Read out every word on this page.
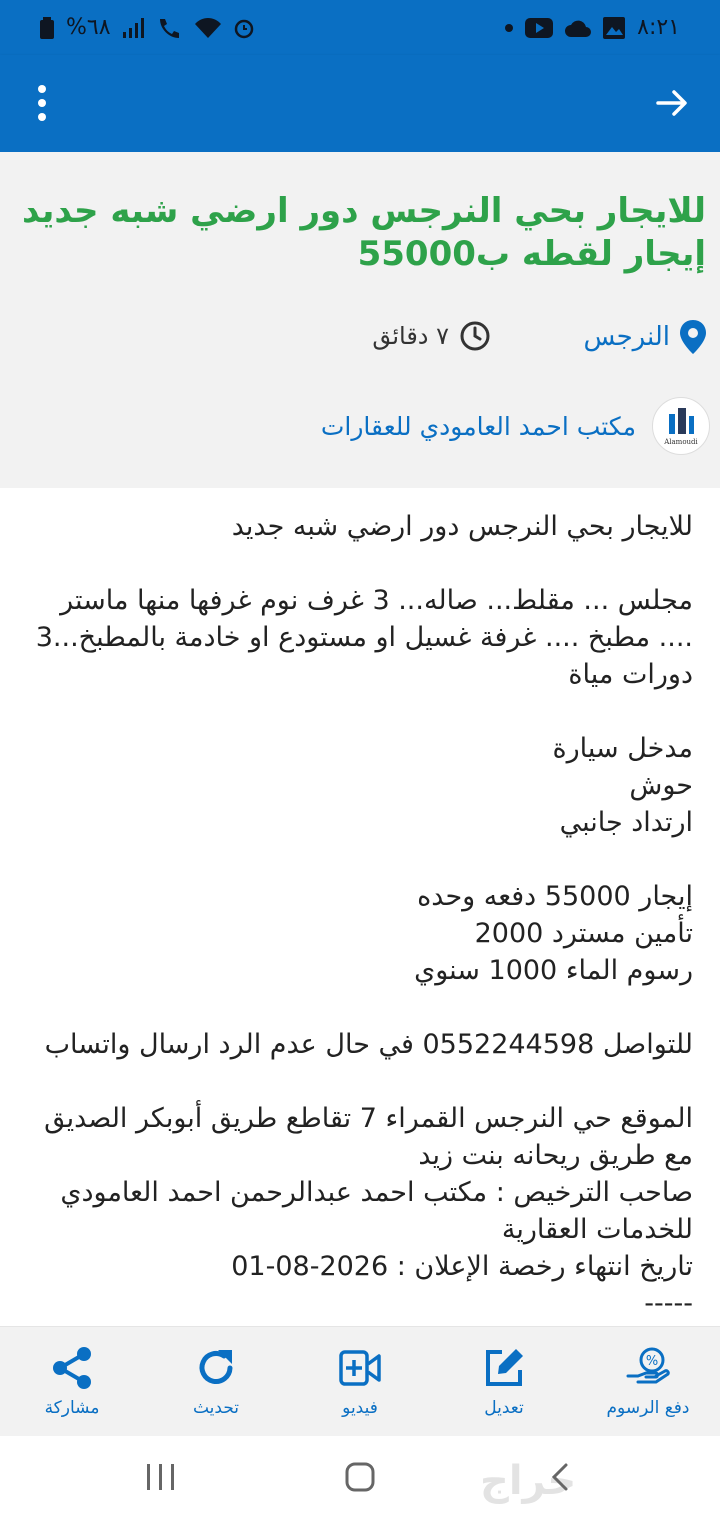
%٦٨	٨:٢١
للايجار بحي النرجس دور ارضي شبه جديد إيجار لقطه ب55000
النرجس
٧ دقائق
Alamoudi
مكتب احمد العامودي للعقارات
للايجار بحي النرجس دور ارضي شبه جديد

مجلس ... مقلط... صاله... 3 غرف نوم غرفها منها ماستر .... مطبخ .... غرفة غسيل او مستودع او خادمة بالمطبخ...3 دورات مياة

مدخل سيارة
حوش
ارتداد جانبي

إيجار 55000 دفعه وحده
تأمين مسترد 2000
رسوم الماء 1000 سنوي

للتواصل 0552244598 في حال عدم الرد ارسال واتساب

الموقع حي النرجس القمراء 7 تقاطع طريق أبوبكر الصديق مع طريق ريحانه بنت زيد
صاحب الترخيص : مكتب احمد عبدالرحمن احمد العامودي للخدمات العقارية
تاريخ انتهاء رخصة الإعلان : 2026-08-01
-----
%
دفع الرسوم
تعديل
فيديو
تحديث
مشاركة
حراج
